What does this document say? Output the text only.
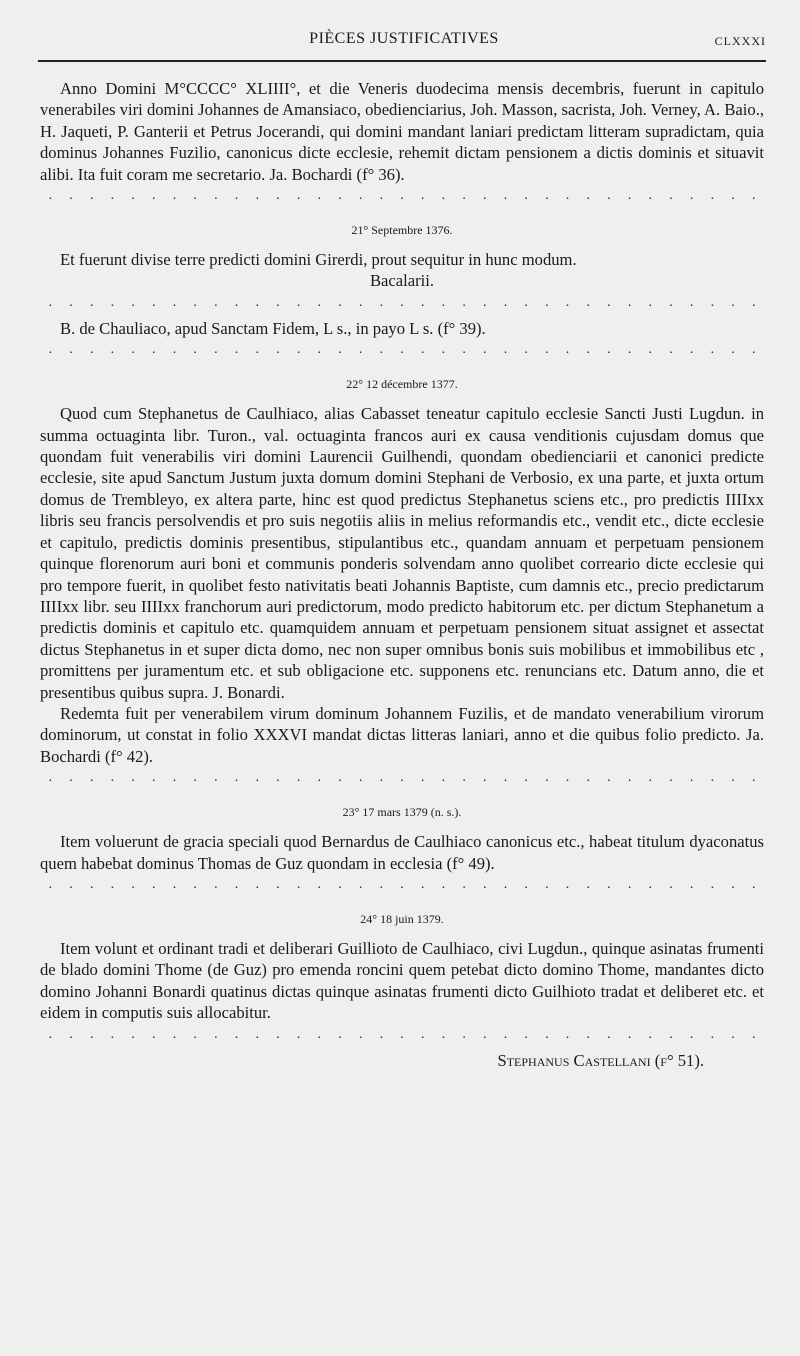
PIÈCES JUSTIFICATIVES	CLXXXI

Anno Domini M°CCCC° XLIIII°, et die Veneris duodecima mensis decembris, fuerunt in capitulo venerabiles viri domini Johannes de Amansiaco, obedienciarius, Joh. Masson, sacrista, Joh. Verney, A. Baio., H. Jaqueti, P. Ganterii et Petrus Jocerandi, qui domini mandant laniari predictam litteram supradictam, quia dominus Johannes Fuzilio, canonicus dicte ecclesie, rehemit dictam pensionem a dictis dominis et situavit alibi. Ita fuit coram me secretario. Ja. Bochardi (f° 36).

. . . . . . . . . . . . . . . . . . . . . . . . . . . . . . . . . . .
21° Septembre 1376.

Et fuerunt divise terre predicti domini Girerdi, prout sequitur in hunc modum.

Bacalarii.

. . . . . . . . . . . . . . . . . . . . . . . . . . . . . . . . . . .

B. de Chauliaco, apud Sanctam Fidem, L s., in payo L s. (f° 39).

. . . . . . . . . . . . . . . . . . . . . . . . . . . . . . . . . . .
22° 12 décembre 1377.

Quod cum Stephanetus de Caulhiaco, alias Cabasset teneatur capitulo ecclesie Sancti Justi Lugdun. in summa octuaginta libr. Turon., val. octuaginta francos auri ex causa venditionis cujusdam domus que quondam fuit venerabilis viri domini Laurencii Guilhendi, quondam obedienciarii et canonici predicte ecclesie, site apud Sanctum Justum juxta domum domini Stephani de Verbosio, ex una parte, et juxta ortum domus de Trembleyo, ex altera parte, hinc est quod predictus Stephanetus sciens etc., pro predictis IIIIxx libris seu francis persolvendis et pro suis negotiis aliis in melius reformandis etc., vendit etc., dicte ecclesie et capitulo, predictis dominis presentibus, stipulantibus etc., quandam annuam et perpetuam pensionem quinque florenorum auri boni et communis ponderis solvendam anno quolibet correario dicte ecclesie qui pro tempore fuerit, in quolibet festo nativitatis beati Johannis Baptiste, cum damnis etc., precio predictarum IIIIxx libr. seu IIIIxx franchorum auri predictorum, modo predicto habitorum etc. per dictum Stephanetum a predictis dominis et capitulo etc. quamquidem annuam et perpetuam pensionem situat assignet et assectat dictus Stephanetus in et super dicta domo, nec non super omnibus bonis suis mobilibus et immobilibus etc , promittens per juramentum etc. et sub obligacione etc. supponens etc. renuncians etc. Datum anno, die et presentibus quibus supra. J. Bonardi.

Redemta fuit per venerabilem virum dominum Johannem Fuzilis, et de mandato venerabilium virorum dominorum, ut constat in folio XXXVI mandat dictas litteras laniari, anno et die quibus folio predicto. Ja. Bochardi (f° 42).

. . . . . . . . . . . . . . . . . . . . . . . . . . . . . . . . . . .
23° 17 mars 1379 (n. s.).

Item voluerunt de gracia speciali quod Bernardus de Caulhiaco canonicus etc., habeat titulum dyaconatus quem habebat dominus Thomas de Guz quondam in ecclesia (f° 49).

. . . . . . . . . . . . . . . . . . . . . . . . . . . . . . . . . . .
24° 18 juin 1379.

Item volunt et ordinant tradi et deliberari Guillioto de Caulhiaco, civi Lugdun., quinque asinatas frumenti de blado domini Thome (de Guz) pro emenda roncini quem petebat dicto domino Thome, mandantes dicto domino Johanni Bonardi quatinus dictas quinque asinatas frumenti dicto Guilhioto tradat et deliberet etc. et eidem in computis suis allocabitur.

. . . . . . . . . . . . . . . . . . . . . . . . . . . . . . . . . . .

Stephanus Castellani (f° 51).
